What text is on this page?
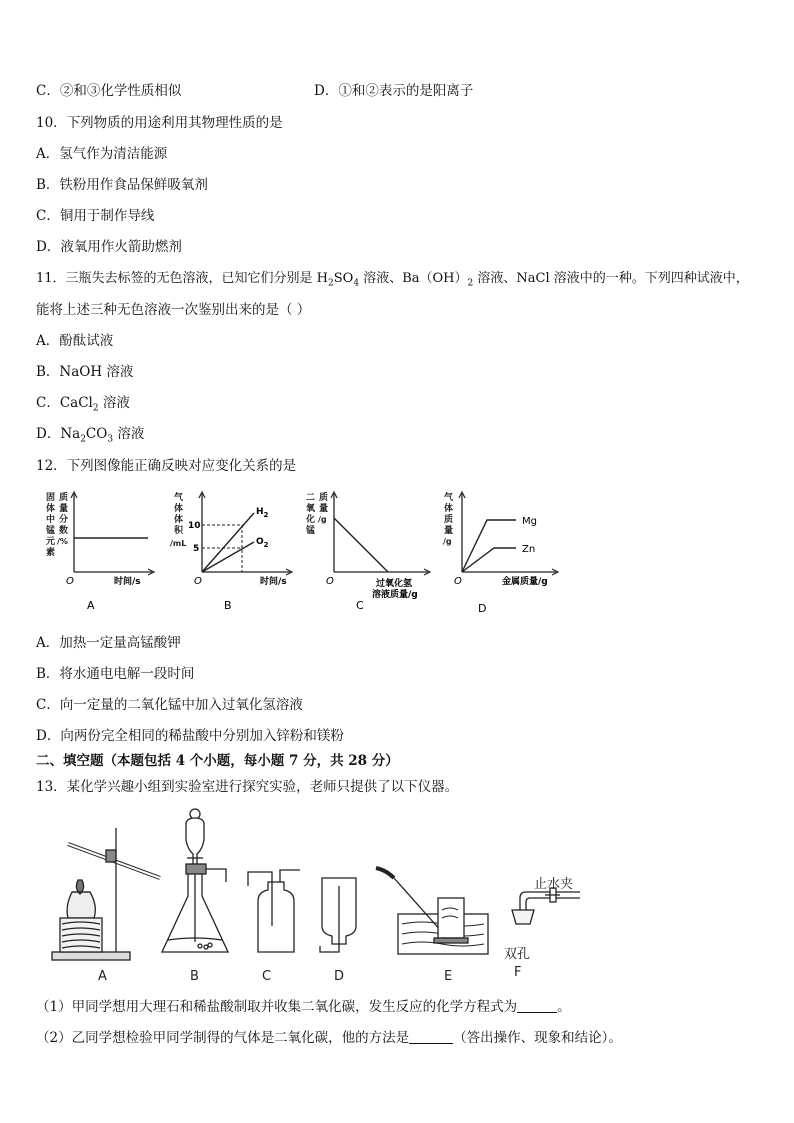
C．②和③化学性质相似	D．①和②表示的是阳离子
10．下列物质的用途利用其物理性质的是
A．氢气作为清洁能源
B．铁粉用作食品保鲜吸氧剂
C．铜用于制作导线
D．液氧用作火箭助燃剂
11．三瓶失去标签的无色溶液，已知它们分别是 $H_2SO_4$ 溶液、$Ba(OH)_2$ 溶液、NaCl 溶液中的一种。下列四种试液中，
能将上述三种无色溶液一次鉴别出来的是（ ）
A．酚酞试液
B．NaOH 溶液
C．CaCl$_2$ 溶液
D．$Na_2CO_3$ 溶液
12．下列图像能正确反映对应变化关系的是
固
体
中
锰
元
素
质
量
分
数
/%
O	时间/s
A
气
体
体
积
/mL
10
5
$H_2$
$O_2$
O	时间/s
B
二
氧
化
锰
质
量
/g
O	过氧化氢
溶液质量/g
C
气
体
质
量
/g
Mg
Zn
O	金属质量/g
D
A．加热一定量高锰酸钾
B．将水通电电解一段时间
C．向一定量的二氧化锰中加入过氧化氢溶液
D．向两份完全相同的稀盐酸中分别加入锌粉和镁粉
二、填空题（本题包括 4 个小题，每小题 7 分，共 28 分）
13．某化学兴趣小组到实验室进行探究实验，老师只提供了以下仪器。
A	B	C	D	E	F
止水夹
双孔
（1）甲同学想用大理石和稀盐酸制取并收集二氧化碳，发生反应的化学方程式为	。
（2）乙同学想检验甲同学制得的气体是二氧化碳，他的方法是	（答出操作、现象和结论）。
